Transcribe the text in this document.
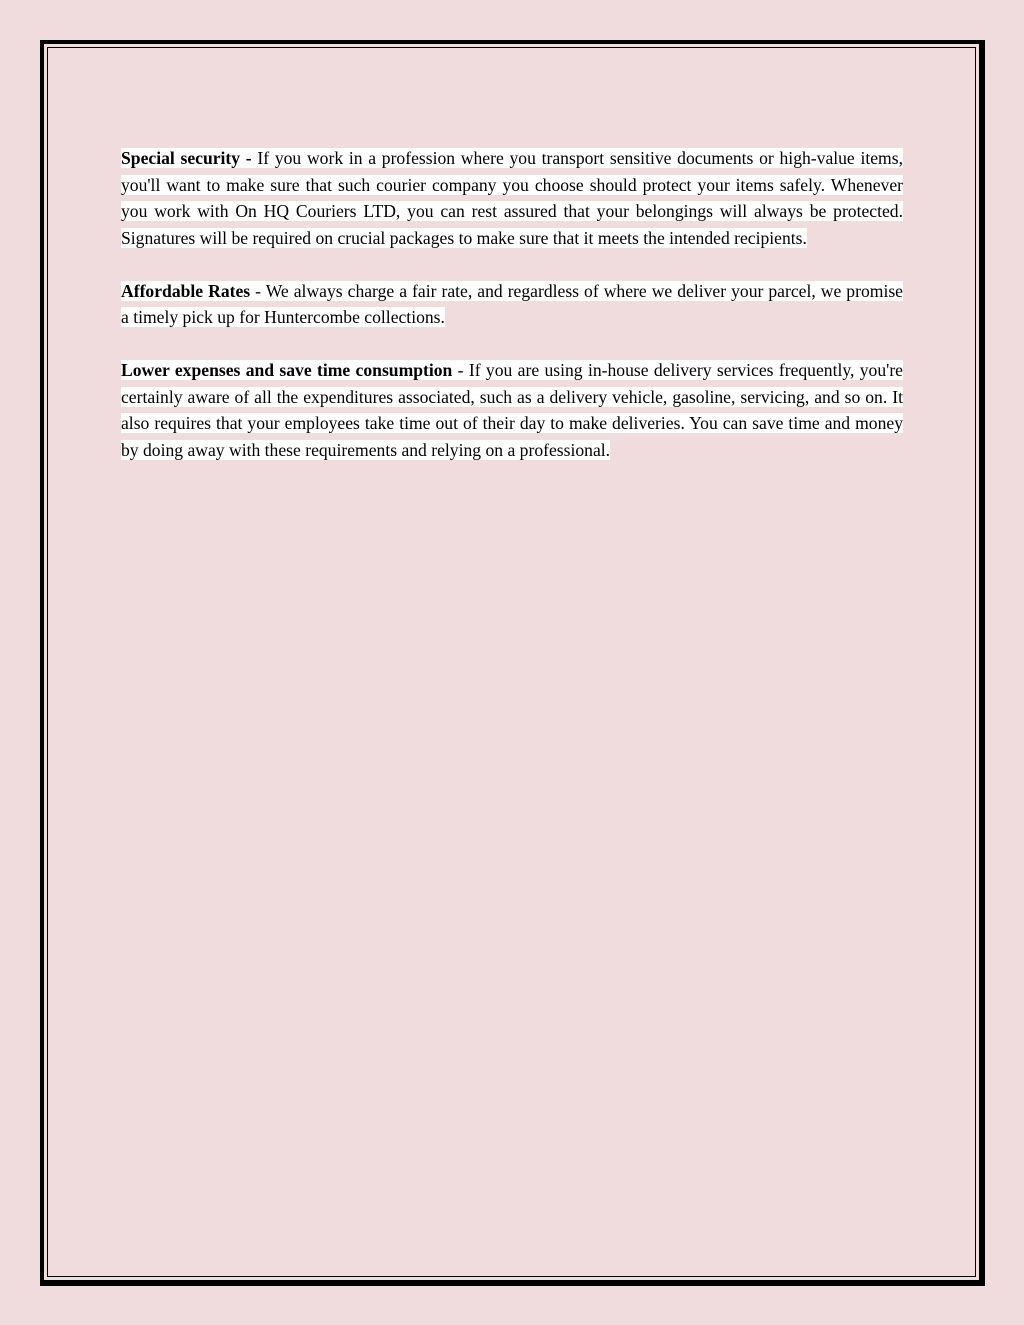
Special security - If you work in a profession where you transport sensitive documents or high-value items, you'll want to make sure that such courier company you choose should protect your items safely. Whenever you work with On HQ Couriers LTD, you can rest assured that your belongings will always be protected. Signatures will be required on crucial packages to make sure that it meets the intended recipients.

Affordable Rates - We always charge a fair rate, and regardless of where we deliver your parcel, we promise a timely pick up for Huntercombe collections.

Lower expenses and save time consumption - If you are using in-house delivery services frequently, you're certainly aware of all the expenditures associated, such as a delivery vehicle, gasoline, servicing, and so on. It also requires that your employees take time out of their day to make deliveries. You can save time and money by doing away with these requirements and relying on a professional.
